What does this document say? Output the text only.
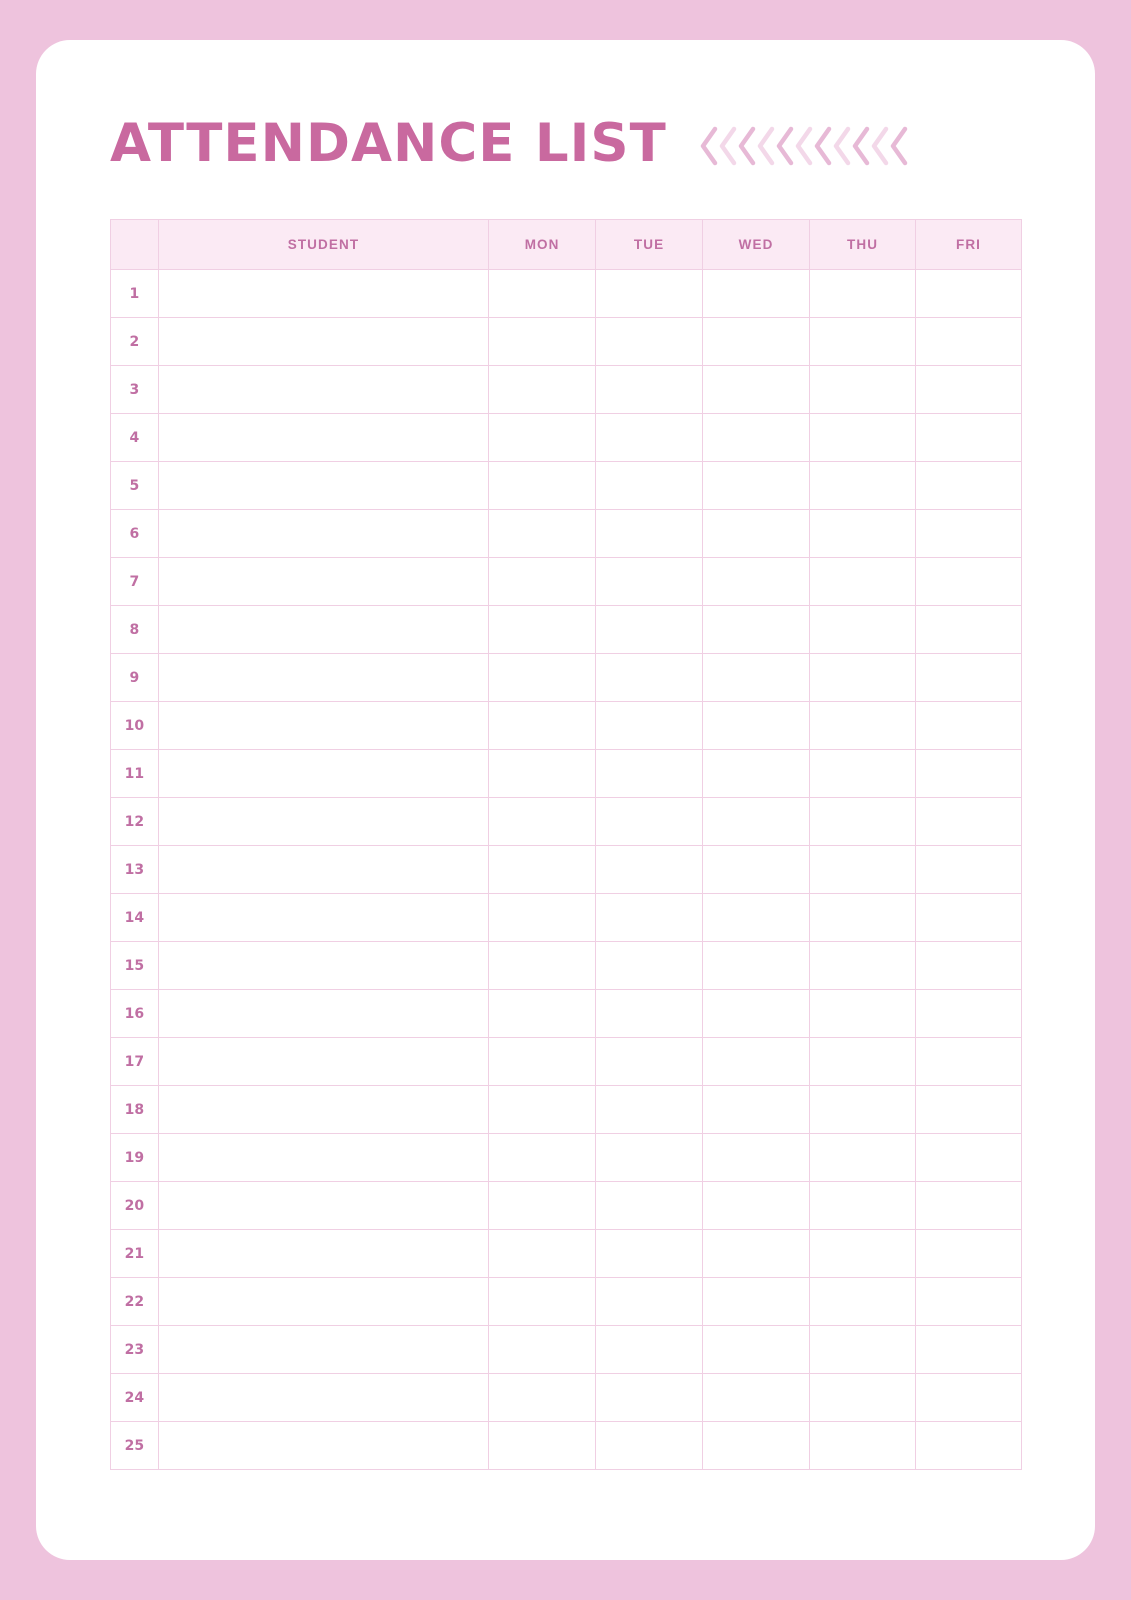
ATTENDANCE LIST
	STUDENT	MON	TUE	WED	THU	FRI
1						
2						
3						
4						
5						
6						
7						
8						
9						
10						
11						
12						
13						
14						
15						
16						
17						
18						
19						
20						
21						
22						
23						
24						
25						
